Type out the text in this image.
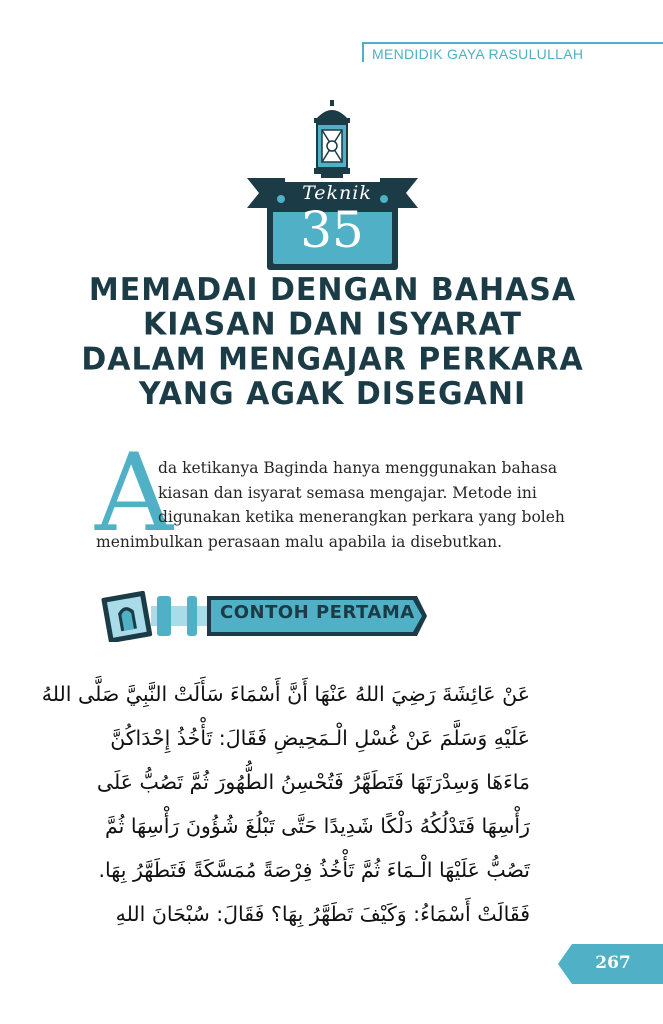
MENDIDIK GAYA RASULULLAH
Teknik
35
MEMADAI DENGAN BAHASA
KIASAN DAN ISYARAT
DALAM MENGAJAR PERKARA
YANG AGAK DISEGANI
A
da ketikanya Baginda hanya menggunakan bahasa
kiasan dan isyarat semasa mengajar. Metode ini
digunakan ketika menerangkan perkara yang boleh
menimbulkan perasaan malu apabila ia disebutkan.
CONTOH PERTAMA
عَنْ عَائِشَةَ رَضِيَ اللهُ عَنْهَا أَنَّ أَسْمَاءَ سَأَلَتْ النَّبِيَّ صَلَّى اللهُ
عَلَيْهِ وَسَلَّمَ عَنْ غُسْلِ الْـمَحِيضِ فَقَالَ: تَأْخُذُ إِحْدَاكُنَّ
مَاءَهَا وَسِدْرَتَهَا فَتَطَهَّرُ فَتُحْسِنُ الطُّهُورَ ثُمَّ تَصُبُّ عَلَى
رَأْسِهَا فَتَدْلُكُهُ دَلْكًا شَدِيدًا حَتَّى تَبْلُغَ شُؤُونَ رَأْسِهَا ثُمَّ
تَصُبُّ عَلَيْهَا الْـمَاءَ ثُمَّ تَأْخُذُ فِرْصَةً مُمَسَّكَةً فَتَطَهَّرُ بِهَا.
فَقَالَتْ أَسْمَاءُ: وَكَيْفَ تَطَهَّرُ بِهَا؟ فَقَالَ: سُبْحَانَ اللهِ
267
